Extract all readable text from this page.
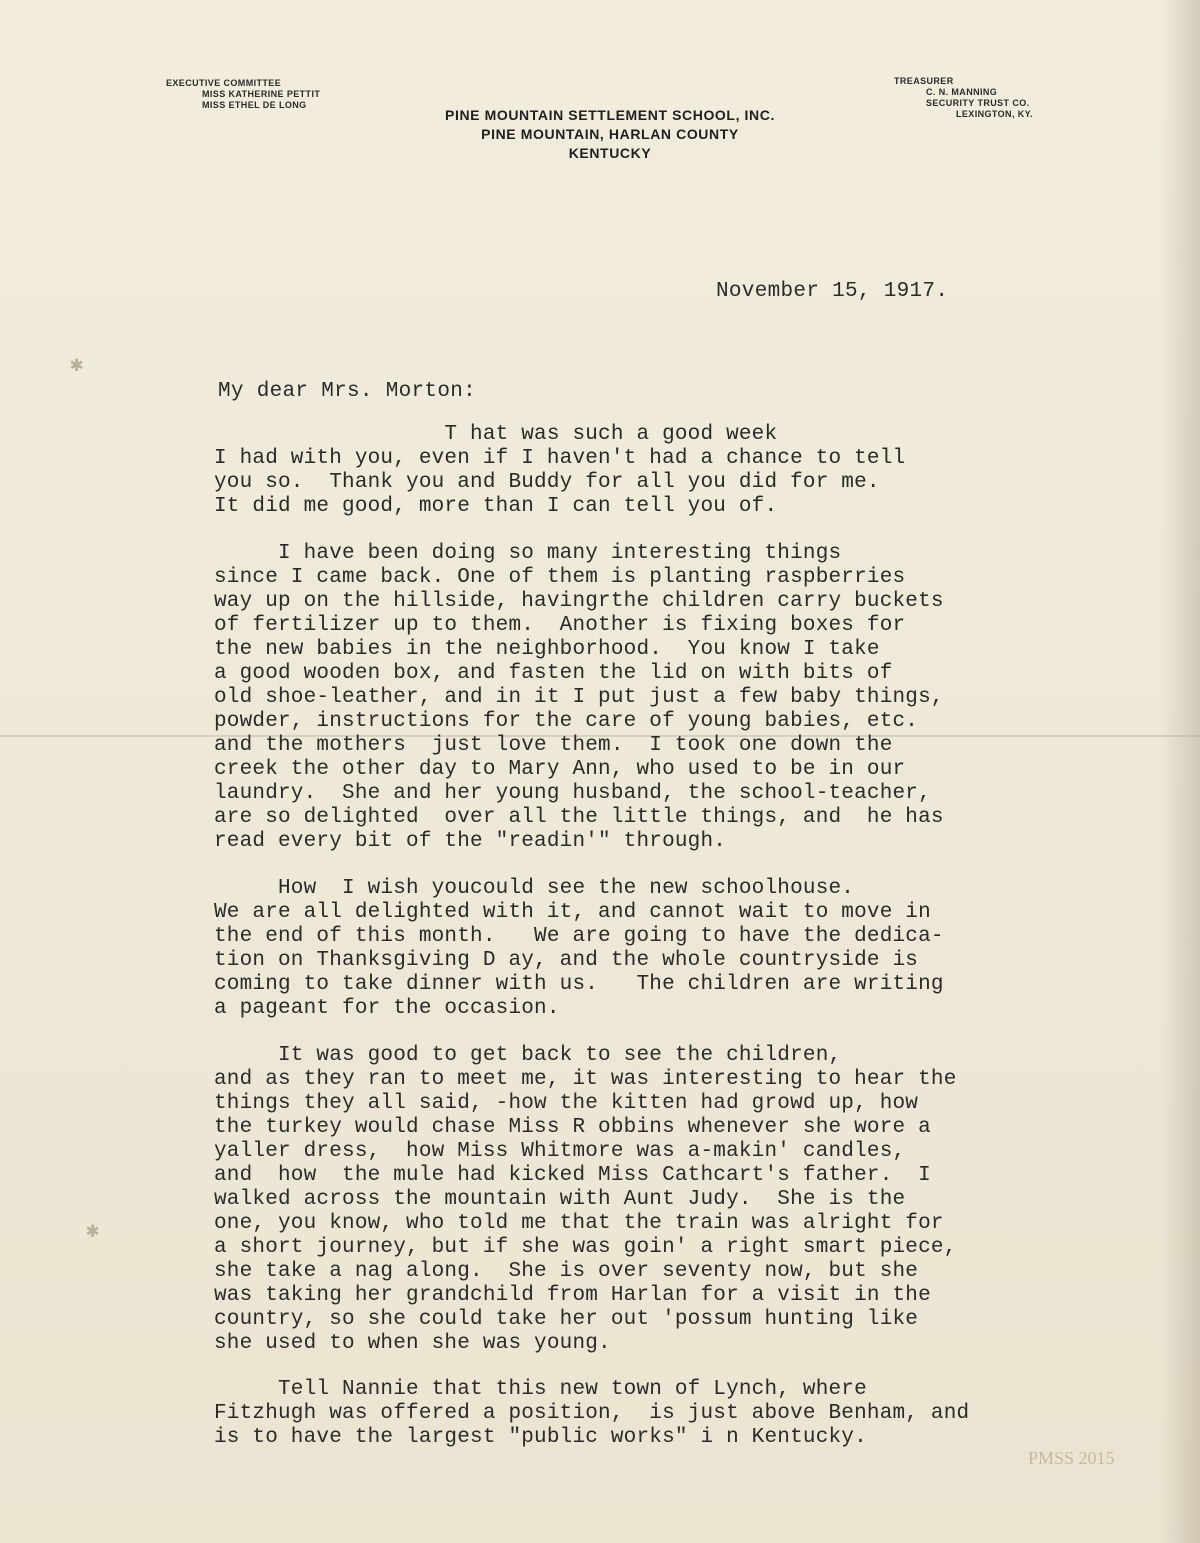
EXECUTIVE COMMITTEE
MISS KATHERINE PETTIT
MISS ETHEL DE LONG
PINE MOUNTAIN SETTLEMENT SCHOOL, INC.
PINE MOUNTAIN, HARLAN COUNTY
KENTUCKY
TREASURER
C. N. MANNING
SECURITY TRUST CO.
LEXINGTON, KY.
November 15, 1917.
My dear Mrs. Morton:
T hat was such a good week
I had with you, even if I haven't had a chance to tell
you so.  Thank you and Buddy for all you did for me.
It did me good, more than I can tell you of.
I have been doing so many interesting things
since I came back. One of them is planting raspberries
way up on the hillside, havingrthe children carry buckets
of fertilizer up to them.  Another is fixing boxes for
the new babies in the neighborhood.  You know I take
a good wooden box, and fasten the lid on with bits of
old shoe-leather, and in it I put just a few baby things,
powder, instructions for the care of young babies, etc.
and the mothers  just love them.  I took one down the
creek the other day to Mary Ann, who used to be in our
laundry.  She and her young husband, the school-teacher,
are so delighted  over all the little things, and  he has
read every bit of the "readin'" through.
How  I wish youcould see the new schoolhouse.
We are all delighted with it, and cannot wait to move in
the end of this month.   We are going to have the dedica-
tion on Thanksgiving D ay, and the whole countryside is
coming to take dinner with us.   The children are writing
a pageant for the occasion.
It was good to get back to see the children,
and as they ran to meet me, it was interesting to hear the
things they all said, -how the kitten had growd up, how
the turkey would chase Miss R obbins whenever she wore a
yaller dress,  how Miss Whitmore was a-makin' candles,
and  how  the mule had kicked Miss Cathcart's father.  I
walked across the mountain with Aunt Judy.  She is the
one, you know, who told me that the train was alright for
a short journey, but if she was goin' a right smart piece,
she take a nag along.  She is over seventy now, but she
was taking her grandchild from Harlan for a visit in the
country, so she could take her out 'possum hunting like
she used to when she was young.
Tell Nannie that this new town of Lynch, where
Fitzhugh was offered a position,  is just above Benham, and
is to have the largest "public works" i n Kentucky.
✱
✱
PMSS 2015
